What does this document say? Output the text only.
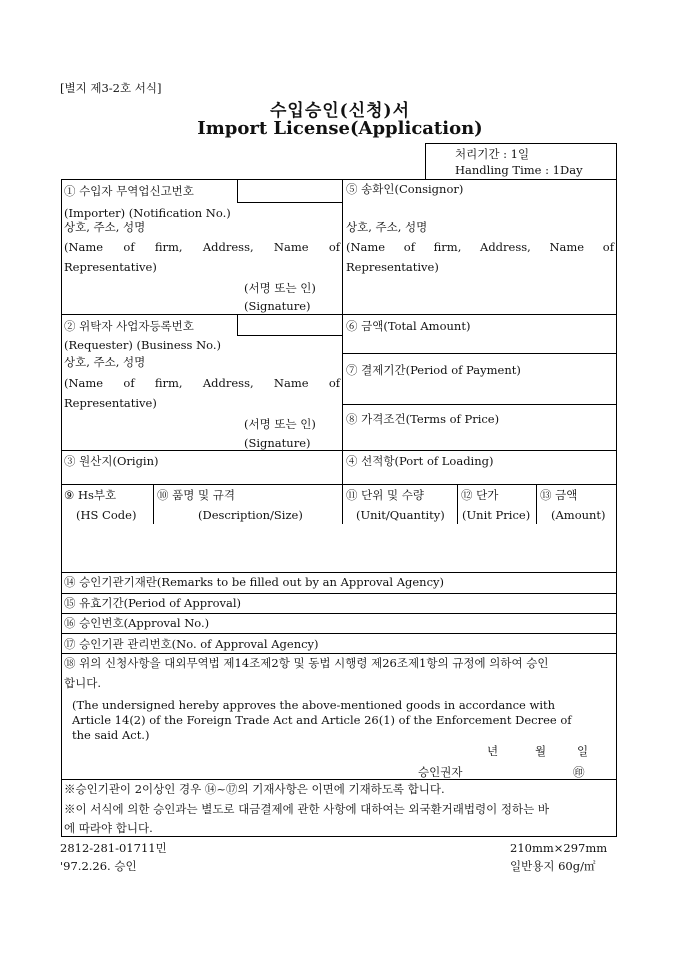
[별지 제3-2호 서식]
수입승인(신청)서
Import License(Application)
처리기간 : 1일
Handling Time : 1Day
① 수입자 무역업신고번호
(Importer) (Notification No.)
상호, 주소, 성명
(Name of firm, Address, Name of
Representative)
(서명 또는 인)
(Signature)
⑤ 송화인(Consignor)
상호, 주소, 성명
(Name of firm, Address, Name of
Representative)
② 위탁자 사업자등록번호
(Requester) (Business No.)
상호, 주소, 성명
(Name of firm, Address, Name of
Representative)
(서명 또는 인)
(Signature)
⑥ 금액(Total Amount)
⑦ 결제기간(Period of Payment)
⑧ 가격조건(Terms of Price)
③ 원산지(Origin)	④ 선적항(Port of Loading)
⑨ Hs부호
(HS Code)
⑩ 품명 및 규격
(Description/Size)
⑪ 단위 및 수량
(Unit/Quantity)
⑫ 단가
(Unit Price)
⑬ 금액
(Amount)
⑭ 승인기관기재란(Remarks to be filled out by an Approval Agency)
⑮ 유효기간(Period of Approval)
⑯ 승인번호(Approval No.)
⑰ 승인기관 관리번호(No. of Approval Agency)
⑱ 위의 신청사항을 대외무역법 제14조제2항 및 동법 시행령 제26조제1항의 규정에 의하여 승인
합니다.
(The undersigned hereby approves the above-mentioned goods in accordance with
Article 14(2) of the Foreign Trade Act and Article 26(1) of the Enforcement Decree of
the said Act.)
년	월	일
승인권자	㊞
※승인기관이 2이상인 경우 ⑭~⑰의 기재사항은 이면에 기재하도록 합니다.
※이 서식에 의한 승인과는 별도로 대금결제에 관한 사항에 대하여는 외국환거래법령이 정하는 바
에 따라야 합니다.
2812-281-01711민
'97.2.26. 승인
210mm×297mm
일반용지 60g/㎡
